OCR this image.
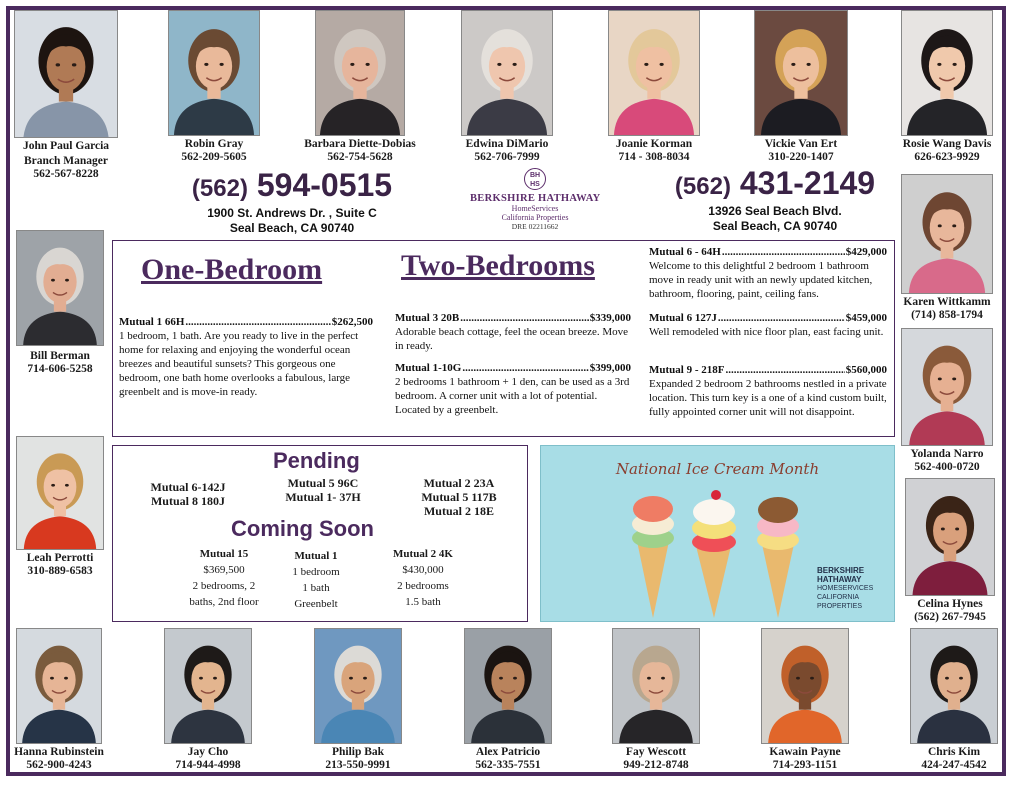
John Paul Garcia
Branch Manager
562-567-8228
Robin Gray
562-209-5605
Barbara Diette-Dobias
562-754-5628
Edwina DiMario
562-706-7999
Joanie Korman
714 - 308-8034
Vickie Van Ert
310-220-1407
Rosie Wang Davis
626-623-9929
(562) 594-0515
1900 St. Andrews Dr. , Suite C
Seal Beach, CA 90740
BH HS
BERKSHIRE HATHAWAY
HomeServices
California Properties
DRE 02211662
(562) 431-2149
13926 Seal Beach Blvd.
Seal Beach, CA 90740
Karen Wittkamm
(714) 858-1794
Bill Berman
714-606-5258
Yolanda Narro
562-400-0720
Leah Perrotti
310-889-6583
Celina Hynes
(562) 267-7945
One-Bedroom	Two-Bedrooms
Mutual 1 66H .....	$262,500
1 bedroom, 1 bath. Are you ready to live in the perfect home for relaxing and enjoying the wonderful ocean breezes and beautiful sunsets? This gorgeous one bedroom, one bath home overlooks a fabulous, large greenbelt and is move-in ready.
Mutual 3 20B .....	$339,000
Adorable beach cottage, feel the ocean breeze. Move in ready.
Mutual 1-10G .....	$399,000
2 bedrooms 1 bathroom + 1 den, can be used as a 3rd bedroom. A corner unit with a lot of potential. Located by a greenbelt.
Mutual 6 - 64H .....	$429,000
Welcome to this delightful 2 bedroom 1 bathroom move in ready unit with an newly updated kitchen, bathroom, flooring, paint, ceiling fans.
Mutual 6 127J .....	$459,000
Well remodeled with nice floor plan, east facing unit.
Mutual 9 - 218F .....	$560,000
Expanded 2 bedroom 2 bathrooms nestled in a private location. This turn key is a one of a kind custom built, fully appointed corner unit will not disappoint.
Pending
Mutual 6-142J
Mutual 8 180J
Mutual 5 96C
Mutual 1- 37H
Mutual 2 23A
Mutual 5 117B
Mutual 2 18E
Coming Soon
Mutual 15
$369,500
2 bedrooms, 2
baths, 2nd floor
Mutual 1
1 bedroom
1 bath
Greenbelt
Mutual 2 4K
$430,000
2 bedrooms
1.5 bath
National Ice Cream Month
BERKSHIRE
HATHAWAY
HOMESERVICES
CALIFORNIA
PROPERTIES
Hanna Rubinstein
562-900-4243
Jay Cho
714-944-4998
Philip Bak
213-550-9991
Alex Patricio
562-335-7551
Fay Wescott
949-212-8748
Kawain Payne
714-293-1151
Chris Kim
424-247-4542
